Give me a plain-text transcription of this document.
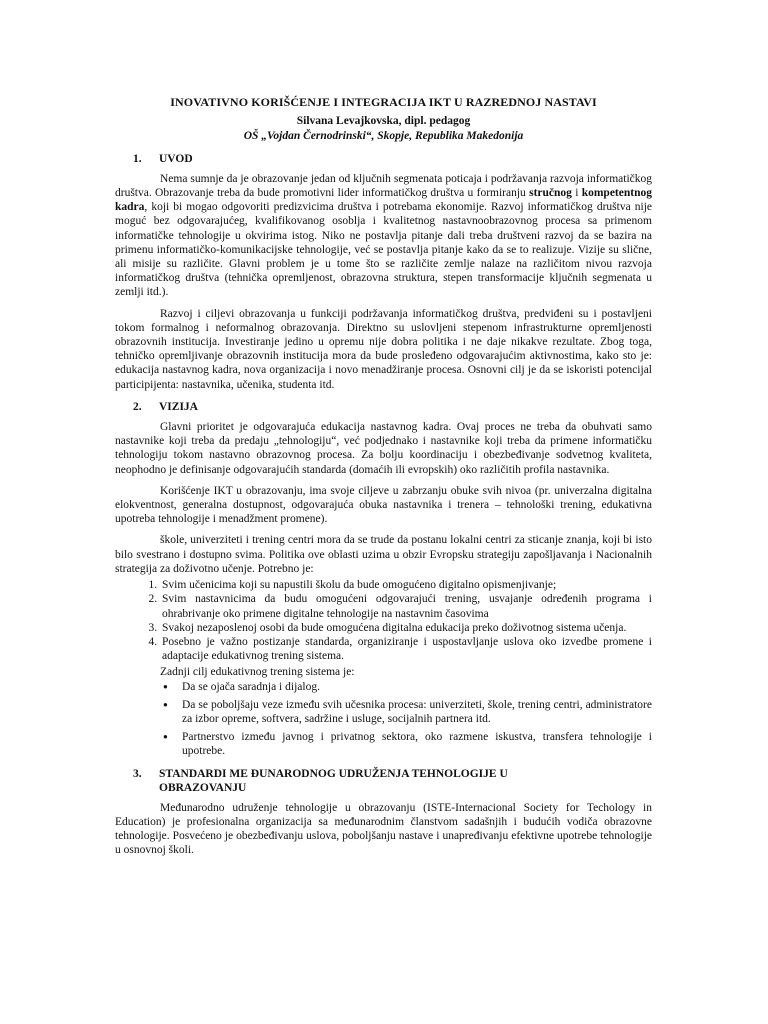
INOVATIVNO KORIŠĆENJE I INTEGRACIJA IKT U RAZREDNOJ NASTAVI
Silvana Levajkovska, dipl. pedagog
OŠ „Vojdan Černodrinski“, Skopje, Republika Makedonija
1.	UVOD

Nema sumnje da je obrazovanje jedan od ključnih segmenata poticaja i podržavanja razvoja informatičkog društva. Obrazovanje treba da bude promotivni lider informatičkog društva u formiranju stručnog i kompetentnog kadra, koji bi mogao odgovoriti predizvicima društva i potrebama ekonomije. Razvoj informatičkog društva nije moguć bez odgovarajućeg, kvalifikovanog osoblja i kvalitetnog nastavnoobrazovnog procesa sa primenom informatičke tehnologije u okvirima istog. Niko ne postavlja pitanje dali treba društveni razvoj da se bazira na primenu informatičko-komunikacijske tehnologije, već se postavlja pitanje kako da se to realizuje. Vizije su slične, ali misije su različite. Glavni problem je u tome što se različite zemlje nalaze na različitom nivou razvoja informatičkog društva (tehnička opremljenost, obrazovna struktura, stepen transformacije ključnih segmenata u zemlji itd.).

Razvoj i ciljevi obrazovanja u funkciji podržavanja informatičkog društva, predviđeni su i postavljeni tokom formalnog i neformalnog obrazovanja. Direktno su uslovljeni stepenom infrastrukturne opremljenosti obrazovnih institucija. Investiranje jedino u opremu nije dobra politika i ne daje nikakve rezultate. Zbog toga, tehničko opremljivanje obrazovnih institucija mora da bude prosleđeno odgovarajućim aktivnostima, kako sto je: edukacija nastavnog kadra, nova organizacija i novo menadžiranje procesa. Osnovni cilj je da se iskoristi potencijal participijenta: nastavnika, učenika, studenta itd.

2.	VIZIJA

Glavni prioritet je odgovarajuća edukacija nastavnog kadra. Ovaj proces ne treba da obuhvati samo nastavnike koji treba da predaju „tehnologiju“, već podjednako i nastavnike koji treba da primene informatičku tehnologiju tokom nastavno obrazovnog procesa. Za bolju koordinaciju i obezbeđivanje sodvetnog kvaliteta, neophodno je definisanje odgovarajućih standarda (domaćih ili evropskih) oko različitih profila nastavnika.

Korišćenje IKT u obrazovanju, ima svoje ciljeve u zabrzanju obuke svih nivoa (pr. univerzalna digitalna elokventnost, generalna dostupnost, odgovarajuća obuka nastavnika i trenera – tehnološki trening, edukativna upotreba tehnologije i menadžment promene).

škole, univerziteti i trening centri mora da se trude da postanu lokalni centri za sticanje znanja, koji bi isto bilo svestrano i dostupno svima. Politika ove oblasti uzima u obzir Evropsku strategiju zapošljavanja i Nacionalnih strategija za doživotno učenje. Potrebno je:

1. Svim učenicima koji su napustili školu da bude omogućeno digitalno opismenjivanje;
2. Svim nastavnicima da budu omogućeni odgovarajući trening, usvajanje određenih programa i ohrabrivanje oko primene digitalne tehnologije na nastavnim časovima
3. Svakoj nezaposlenoj osobi da bude omogućena digitalna edukacija preko doživotnog sistema učenja.
4. Posebno je važno postizanje standarda, organiziranje i uspostavljanje uslova oko izvedbe promene i adaptacije edukativnog trening sistema.
Zadnji cilj edukativnog trening sistema je:
● Da se ojača saradnja i dijalog.
● Da se poboljšaju veze između svih učesnika procesa: univerziteti, škole, trening centri, administratore za izbor opreme, softvera, sadržine i usluge, socijalnih partnera itd.
● Partnerstvo između javnog i privatnog sektora, oko razmene iskustva, transfera tehnologije i upotrebe.
3.	STANDARDI ME ĐUNARODNOG UDRUŽENJA TEHNOLOGIJE U
OBRAZOVANJU

Međunarodno udruženje tehnologije u obrazovanju (ISTE-Internacional Society for Techology in Education) je profesionalna organizacija sa međunarodnim članstvom sadašnjih i budućih vodiča obrazovne tehnologije. Posvećeno je obezbeđivanju uslova, poboljšanju nastave i unapređivanju efektivne upotrebe tehnologije u osnovnoj školi.
